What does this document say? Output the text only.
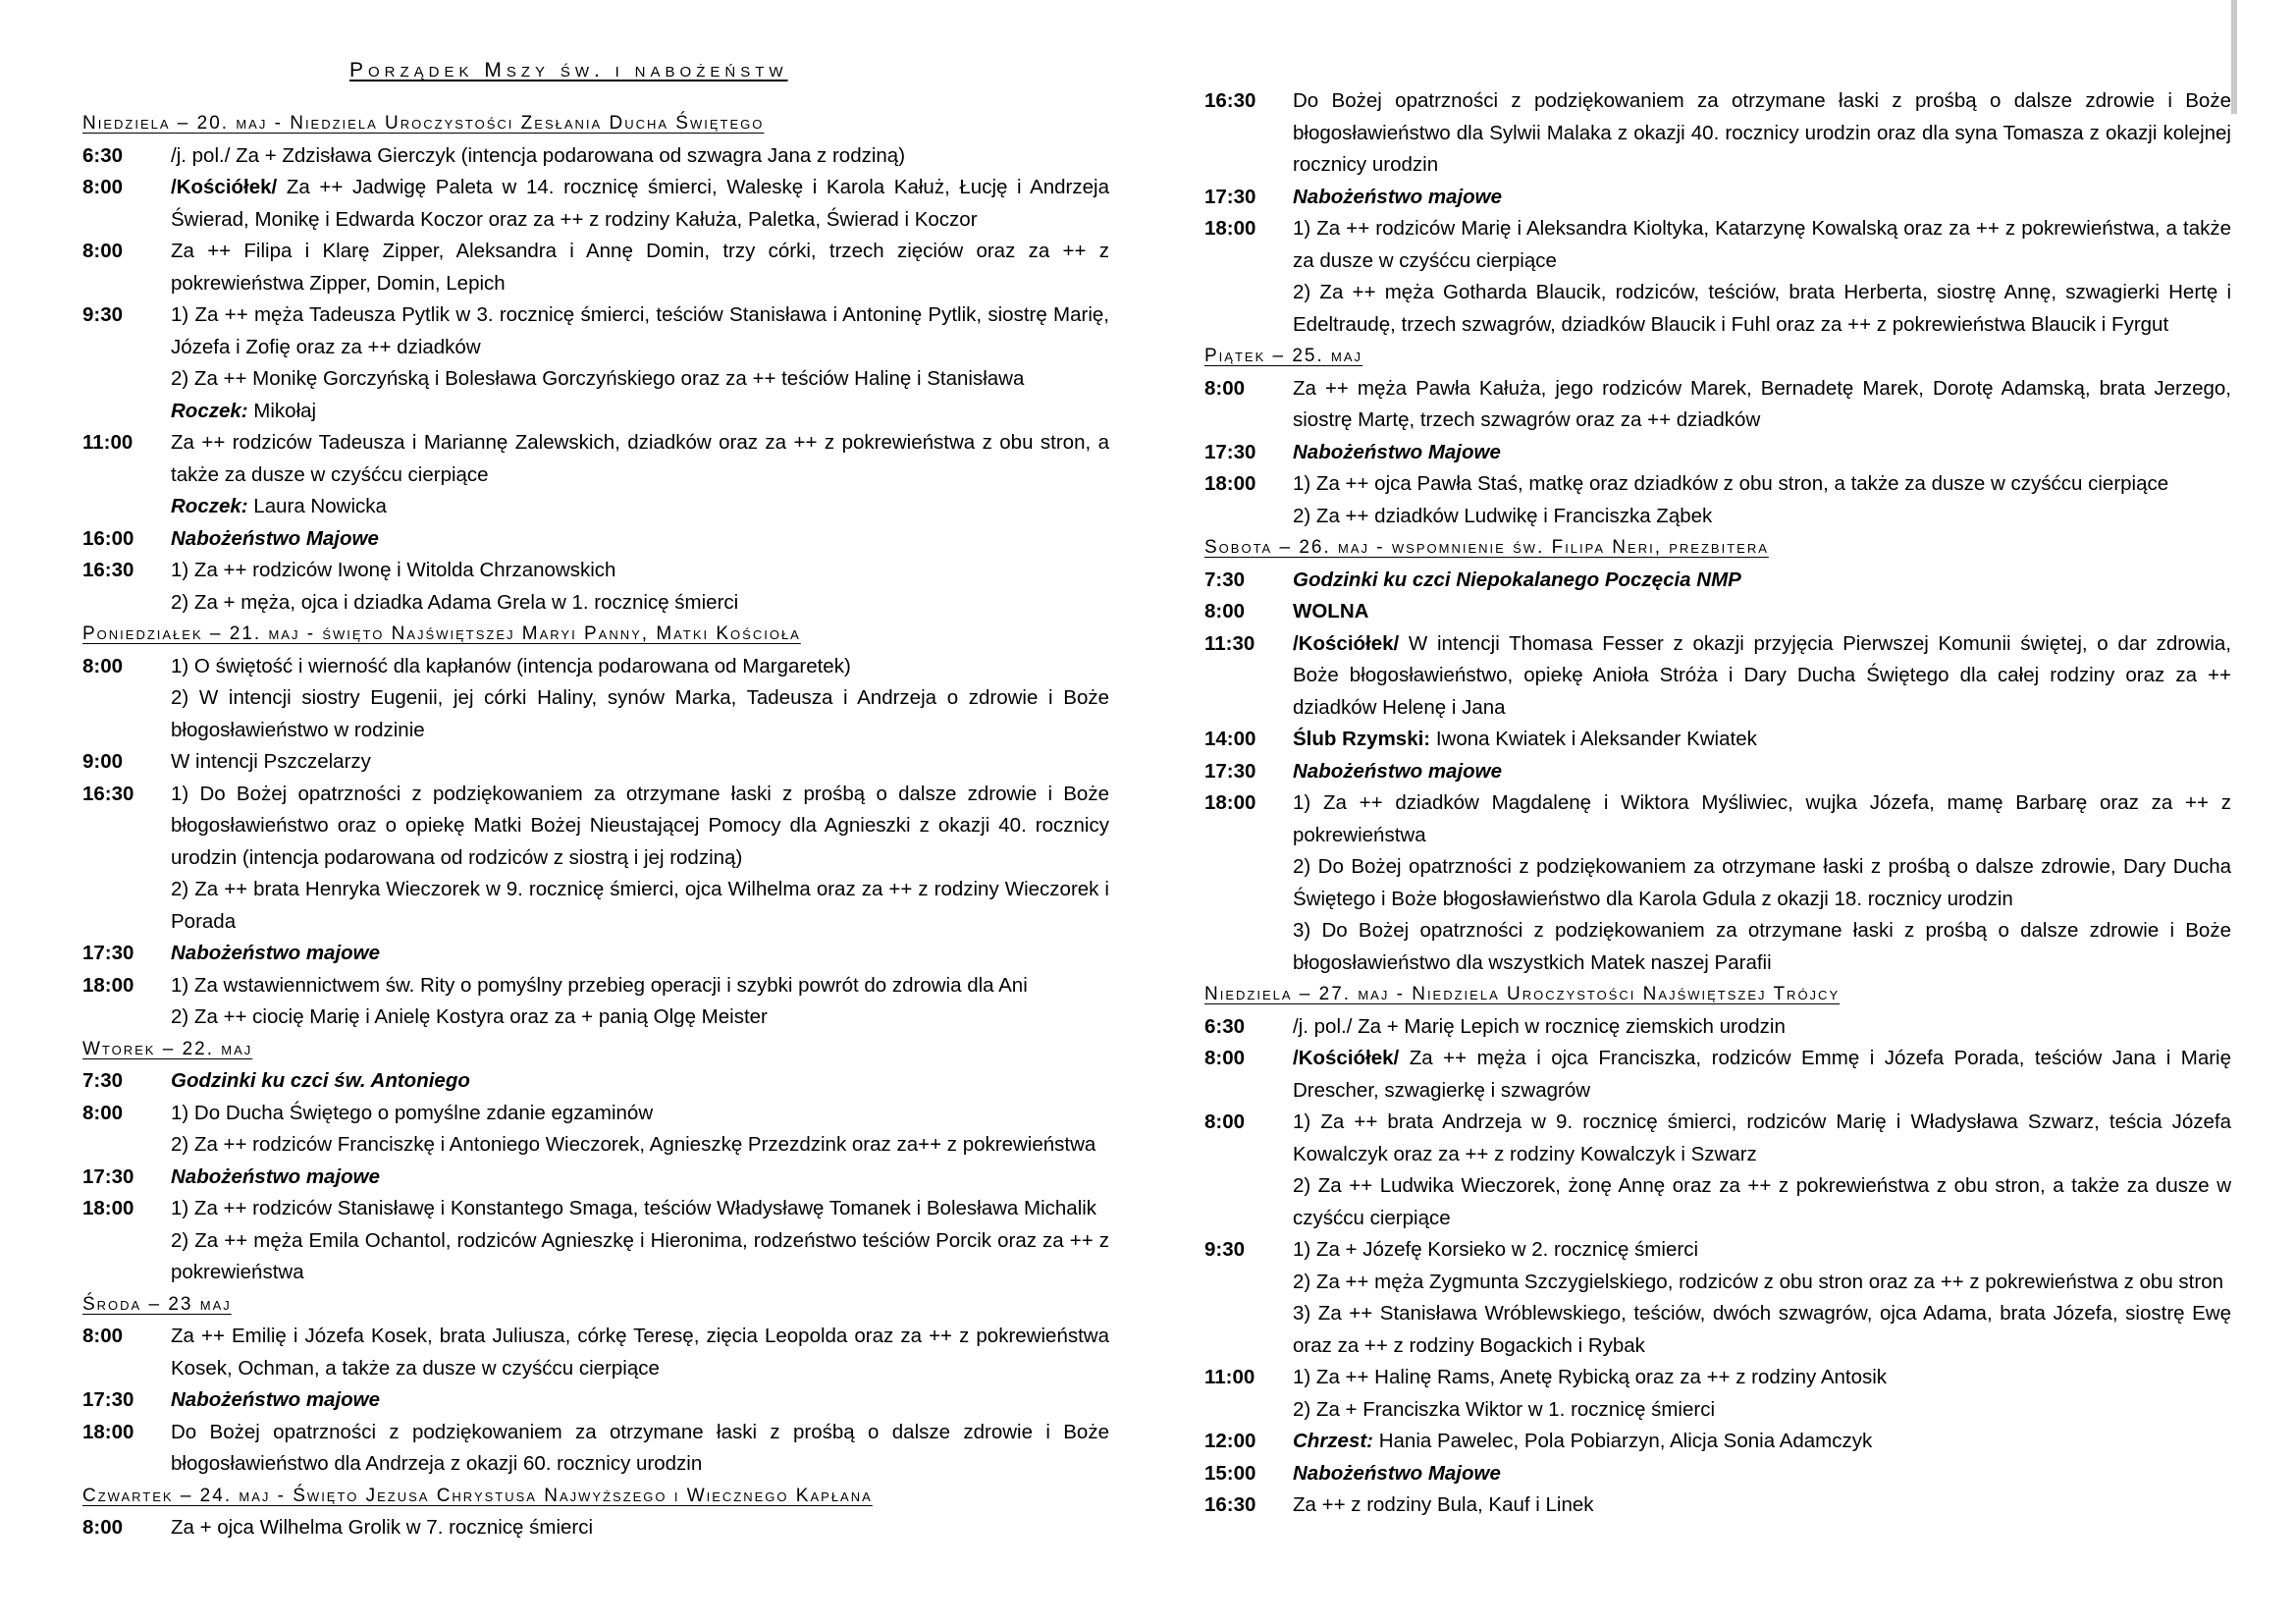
Porządek Mszy św. i nabożeństw
Niedziela – 20. maj - Niedziela Uroczystości Zesłania Ducha Świętego
6:30	/j. pol./ Za + Zdzisława Gierczyk (intencja podarowana od szwagra Jana z rodziną)
8:00	/Kościółek/ Za ++ Jadwigę Paleta w 14. rocznicę śmierci, Waleskę i Karola Kałuż, Łucję i Andrzeja Świerad, Monikę i Edwarda Koczor oraz za ++ z rodziny Kałuża, Paletka, Świerad i Koczor
8:00	Za ++ Filipa i Klarę Zipper, Aleksandra i Annę Domin, trzy córki, trzech zięciów oraz za ++ z pokrewieństwa Zipper, Domin, Lepich
9:30	1) Za ++ męża Tadeusza Pytlik w 3. rocznicę śmierci, teściów Stanisława i Antoninę Pytlik, siostrę Marię, Józefa i Zofię oraz za ++ dziadków
2) Za ++ Monikę Gorczyńską i Bolesława Gorczyńskiego oraz za ++ teściów Halinę i Stanisława
Roczek: Mikołaj
11:00	Za ++ rodziców Tadeusza i Mariannę Zalewskich, dziadków oraz za ++ z pokrewieństwa z obu stron, a także za dusze w czyśćcu cierpiące
Roczek: Laura Nowicka
16:00	Nabożeństwo Majowe
16:30	1) Za ++ rodziców Iwonę i Witolda Chrzanowskich
2) Za + męża, ojca i dziadka Adama Grela w 1. rocznicę śmierci
Poniedziałek – 21. maj - święto Najświętszej Maryi Panny, Matki Kościoła
8:00	1) O świętość i wierność dla kapłanów (intencja podarowana od Margaretek)
2) W intencji siostry Eugenii, jej córki Haliny, synów Marka, Tadeusza i Andrzeja o zdrowie i Boże błogosławieństwo w rodzinie
9:00	W intencji Pszczelarzy
16:30	1) Do Bożej opatrzności z podziękowaniem za otrzymane łaski z prośbą o dalsze zdrowie i Boże błogosławieństwo oraz o opiekę Matki Bożej Nieustającej Pomocy dla Agnieszki z okazji 40. rocznicy urodzin (intencja podarowana od rodziców z siostrą i jej rodziną)
2) Za ++ brata Henryka Wieczorek w 9. rocznicę śmierci, ojca Wilhelma oraz za ++ z rodziny Wieczorek i Porada
17:30	Nabożeństwo majowe
18:00	1) Za wstawiennictwem św. Rity o pomyślny przebieg operacji i szybki powrót do zdrowia dla Ani
2) Za ++ ciocię Marię i Anielę Kostyra oraz za + panią Olgę Meister
Wtorek – 22. maj
7:30	Godzinki ku czci św. Antoniego
8:00	1) Do Ducha Świętego o pomyślne zdanie egzaminów
2) Za ++ rodziców Franciszkę i Antoniego Wieczorek, Agnieszkę Przezdzink oraz za++ z pokrewieństwa
17:30	Nabożeństwo majowe
18:00	1) Za ++ rodziców Stanisławę i Konstantego Smaga, teściów Władysławę Tomanek i Bolesława Michalik
2) Za ++ męża Emila Ochantol, rodziców Agnieszkę i Hieronima, rodzeństwo teściów Porcik oraz za ++ z pokrewieństwa
Środa – 23 maj
8:00	Za ++ Emilię i Józefa Kosek, brata Juliusza, córkę Teresę, zięcia Leopolda oraz za ++ z pokrewieństwa Kosek, Ochman, a także za dusze w czyśćcu cierpiące
17:30	Nabożeństwo majowe
18:00	Do Bożej opatrzności z podziękowaniem za otrzymane łaski z prośbą o dalsze zdrowie i Boże błogosławieństwo dla Andrzeja z okazji 60. rocznicy urodzin
Czwartek – 24. maj - Święto Jezusa Chrystusa Najwyższego i Wiecznego Kapłana
8:00	Za + ojca Wilhelma Grolik w 7. rocznicę śmierci
16:30	Do Bożej opatrzności z podziękowaniem za otrzymane łaski z prośbą o dalsze zdrowie i Boże błogosławieństwo dla Sylwii Malaka z okazji 40. rocznicy urodzin oraz dla syna Tomasza z okazji kolejnej rocznicy urodzin
17:30	Nabożeństwo majowe
18:00	1) Za ++ rodziców Marię i Aleksandra Kioltyka, Katarzynę Kowalską oraz za ++ z pokrewieństwa, a także za dusze w czyśćcu cierpiące
2) Za ++ męża Gotharda Blaucik, rodziców, teściów, brata Herberta, siostrę Annę, szwagierki Hertę i Edeltraudę, trzech szwagrów, dziadków Blaucik i Fuhl oraz za ++ z pokrewieństwa Blaucik i Fyrgut
Piątek – 25. maj
8:00	Za ++ męża Pawła Kałuża, jego rodziców Marek, Bernadetę Marek, Dorotę Adamską, brata Jerzego, siostrę Martę, trzech szwagrów oraz za ++ dziadków
17:30	Nabożeństwo Majowe
18:00	1) Za ++ ojca Pawła Staś, matkę oraz dziadków z obu stron, a także za dusze w czyśćcu cierpiące
2) Za ++ dziadków Ludwikę i Franciszka Ząbek
Sobota – 26. maj - wspomnienie św. Filipa Neri, prezbitera
7:30	Godzinki ku czci Niepokalanego Poczęcia NMP
8:00	WOLNA
11:30	/Kościółek/ W intencji Thomasa Fesser z okazji przyjęcia Pierwszej Komunii świętej, o dar zdrowia, Boże błogosławieństwo, opiekę Anioła Stróża i Dary Ducha Świętego dla całej rodziny oraz za ++ dziadków Helenę i Jana
14:00	Ślub Rzymski: Iwona Kwiatek i Aleksander Kwiatek
17:30	Nabożeństwo majowe
18:00	1) Za ++ dziadków Magdalenę i Wiktora Myśliwiec, wujka Józefa, mamę Barbarę oraz za ++ z pokrewieństwa
2) Do Bożej opatrzności z podziękowaniem za otrzymane łaski z prośbą o dalsze zdrowie, Dary Ducha Świętego i Boże błogosławieństwo dla Karola Gdula z okazji 18. rocznicy urodzin
3) Do Bożej opatrzności z podziękowaniem za otrzymane łaski z prośbą o dalsze zdrowie i Boże błogosławieństwo dla wszystkich Matek naszej Parafii
Niedziela – 27. maj - Niedziela Uroczystości Najświętszej Trójcy
6:30	/j. pol./ Za + Marię Lepich w rocznicę ziemskich urodzin
8:00	/Kościółek/ Za ++ męża i ojca Franciszka, rodziców Emmę i Józefa Porada, teściów Jana i Marię Drescher, szwagierkę i szwagrów
8:00	1) Za ++ brata Andrzeja w 9. rocznicę śmierci, rodziców Marię i Władysława Szwarz, teścia Józefa Kowalczyk oraz za ++ z rodziny Kowalczyk i Szwarz
2) Za ++ Ludwika Wieczorek, żonę Annę oraz za ++ z pokrewieństwa z obu stron, a także za dusze w czyśćcu cierpiące
9:30	1) Za + Józefę Korsieko w 2. rocznicę śmierci
2) Za ++ męża Zygmunta Szczygielskiego, rodziców z obu stron oraz za ++ z pokrewieństwa z obu stron
3) Za ++ Stanisława Wróblewskiego, teściów, dwóch szwagrów, ojca Adama, brata Józefa, siostrę Ewę oraz za ++ z rodziny Bogackich i Rybak
11:00	1) Za ++ Halinę Rams, Anetę Rybicką oraz za ++ z rodziny Antosik
2) Za + Franciszka Wiktor w 1. rocznicę śmierci
12:00	Chrzest: Hania Pawelec, Pola Pobiarzyn, Alicja Sonia Adamczyk
15:00	Nabożeństwo Majowe
16:30	Za ++ z rodziny Bula, Kauf i Linek
